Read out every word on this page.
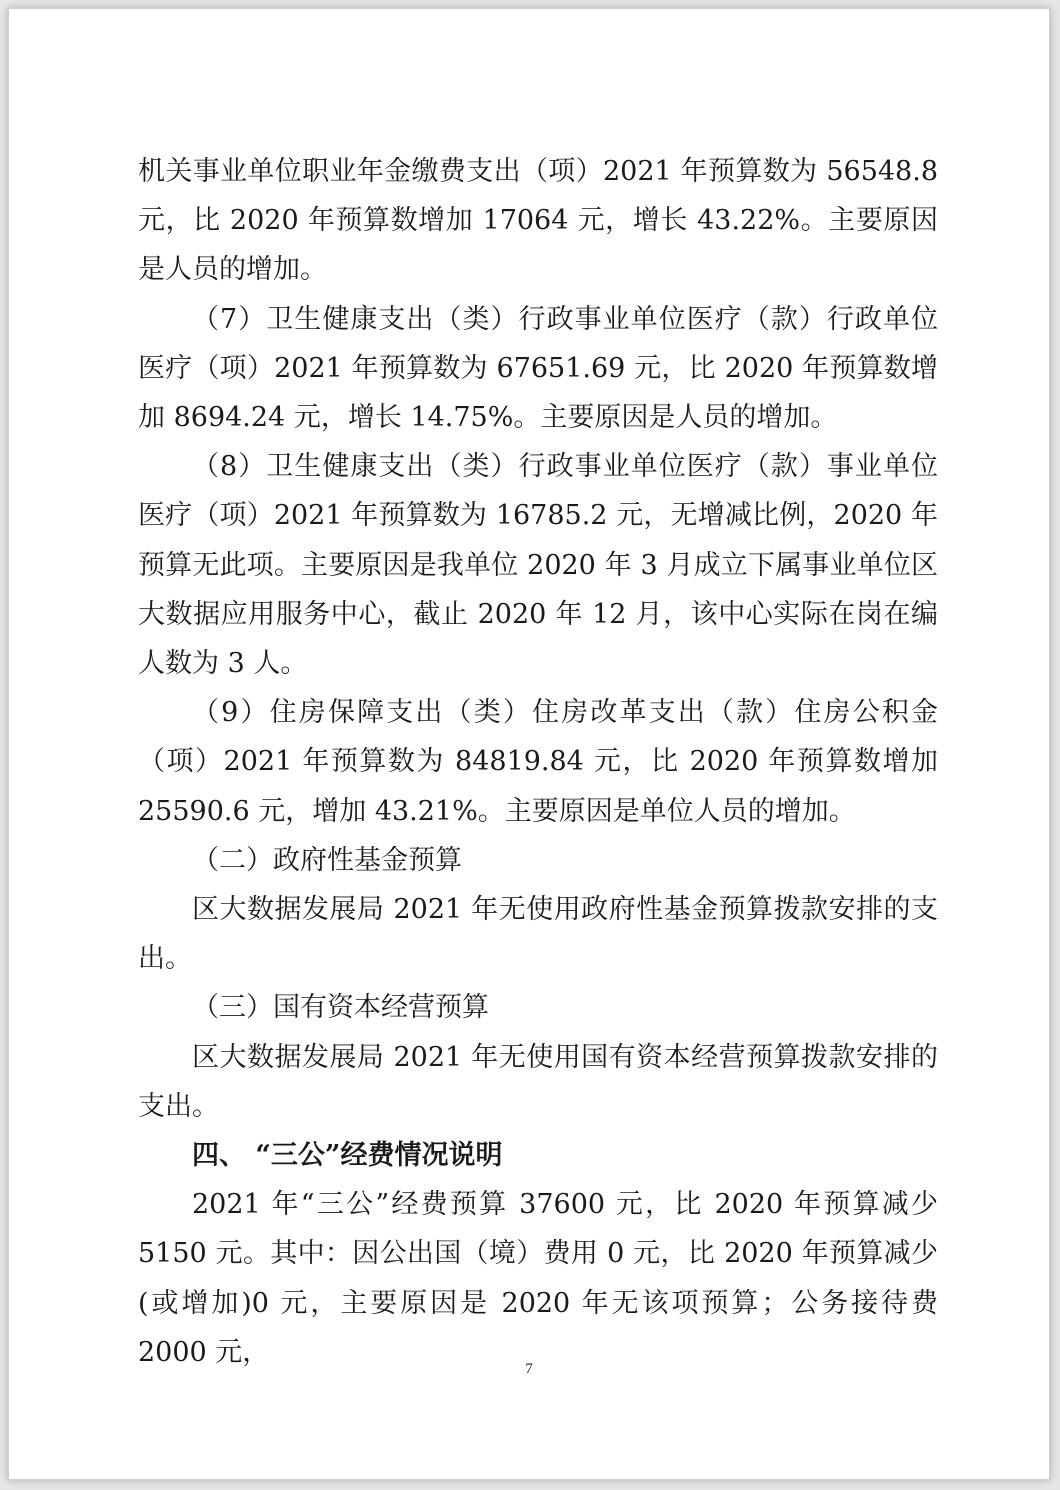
机关事业单位职业年金缴费支出（项）2021 年预算数为 56548.8 元，比 2020 年预算数增加 17064 元，增长 43.22%。主要原因是人员的增加。

（7）卫生健康支出（类）行政事业单位医疗（款）行政单位医疗（项）2021 年预算数为 67651.69 元，比 2020 年预算数增加 8694.24 元，增长 14.75%。主要原因是人员的增加。

（8）卫生健康支出（类）行政事业单位医疗（款）事业单位医疗（项）2021 年预算数为 16785.2 元，无增减比例，2020 年预算无此项。主要原因是我单位 2020 年 3 月成立下属事业单位区大数据应用服务中心，截止 2020 年 12 月，该中心实际在岗在编人数为 3 人。

（9）住房保障支出（类）住房改革支出（款）住房公积金（项）2021 年预算数为 84819.84 元，比 2020 年预算数增加 25590.6 元，增加 43.21%。主要原因是单位人员的增加。

（二）政府性基金预算

区大数据发展局 2021 年无使用政府性基金预算拨款安排的支出。

（三）国有资本经营预算

区大数据发展局 2021 年无使用国有资本经营预算拨款安排的支出。

四、 “三公”经费情况说明

2021 年“三公”经费预算 37600 元，比 2020 年预算减少 5150 元。其中：因公出国（境）费用 0 元，比 2020 年预算减少(或增加)0 元，主要原因是 2020 年无该项预算；公务接待费 2000 元，

7
